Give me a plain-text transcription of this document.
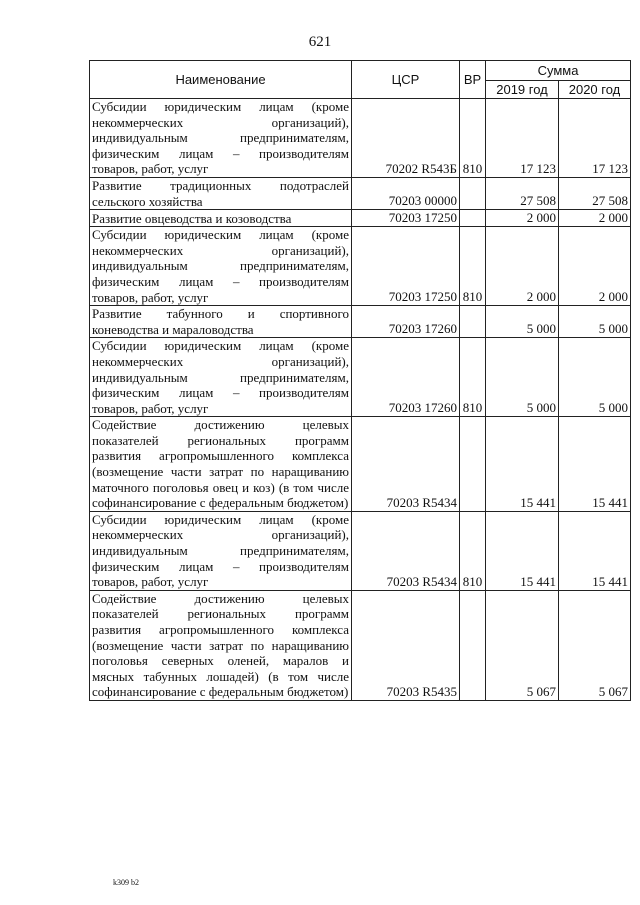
621
Наименование	ЦСР	ВР	Сумма	
			2019 год	2020 год
Субсидии юридическим лицам (кроме некоммерческих организаций), индивидуальным предпринимателям, физическим лицам – производителям товаров, работ, услуг	70202 R543Б	810	17 123	17 123
Развитие традиционных подотраслей сельского хозяйства	70203 00000		27 508	27 508
Развитие овцеводства и козоводства	70203 17250		2 000	2 000
Субсидии юридическим лицам (кроме некоммерческих организаций), индивидуальным предпринимателям, физическим лицам – производителям товаров, работ, услуг	70203 17250	810	2 000	2 000
Развитие табунного и спортивного коневодства и мараловодства	70203 17260		5 000	5 000
Субсидии юридическим лицам (кроме некоммерческих организаций), индивидуальным предпринимателям, физическим лицам – производителям товаров, работ, услуг	70203 17260	810	5 000	5 000
Содействие достижению целевых показателей региональных программ развития агропромышленного комплекса (возмещение части затрат по наращиванию маточного поголовья овец и коз) (в том числе софинансирование с федеральным бюджетом)	70203 R5434		15 441	15 441
Субсидии юридическим лицам (кроме некоммерческих организаций), индивидуальным предпринимателям, физическим лицам – производителям товаров, работ, услуг	70203 R5434	810	15 441	15 441
Содействие достижению целевых показателей региональных программ развития агропромышленного комплекса (возмещение части затрат по наращиванию поголовья северных оленей, маралов и мясных табунных лошадей) (в том числе софинансирование с федеральным бюджетом)	70203 R5435		5 067	5 067
k309 b2
